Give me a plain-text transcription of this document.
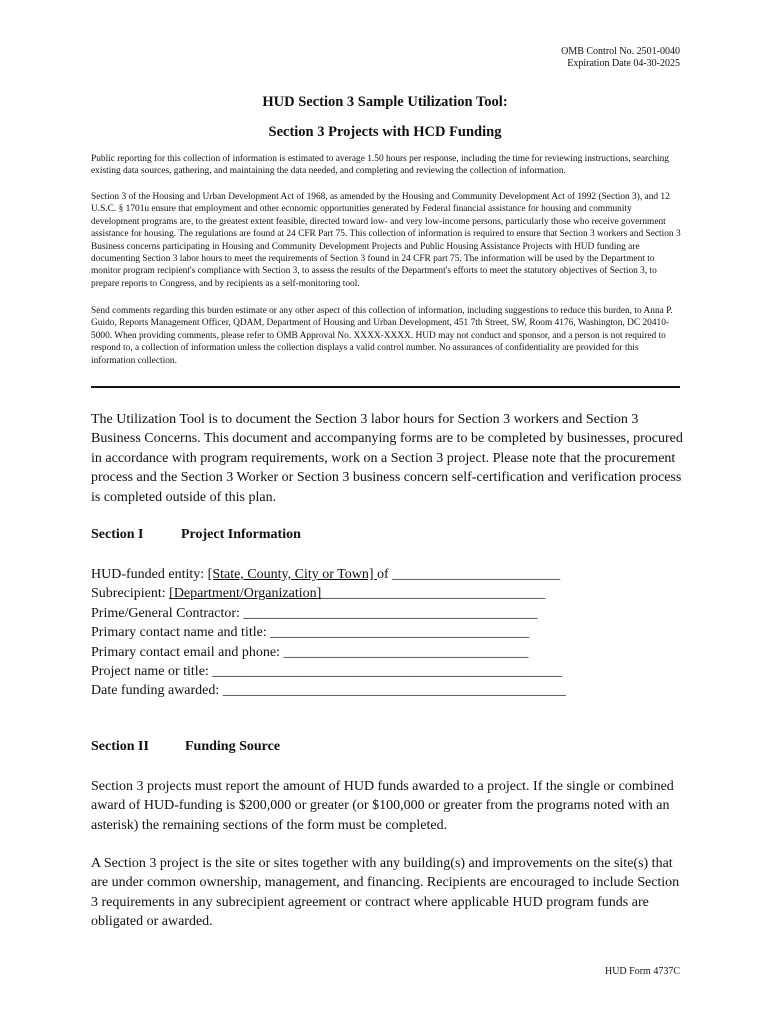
OMB Control No. 2501-0040
Expiration Date 04-30-2025
HUD Section 3 Sample Utilization Tool:
Section 3 Projects with HCD Funding

Public reporting for this collection of information is estimated to average 1.50 hours per response, including the time for reviewing instructions, searching existing data sources, gathering, and maintaining the data needed, and completing and reviewing the collection of information.

Section 3 of the Housing and Urban Development Act of 1968, as amended by the Housing and Community Development Act of 1992 (Section 3), and 12 U.S.C. § 1701u ensure that employment and other economic opportunities generated by Federal financial assistance for housing and community development programs are, to the greatest extent feasible, directed toward low- and very low-income persons, particularly those who receive government assistance for housing. The regulations are found at 24 CFR Part 75. This collection of information is required to ensure that Section 3 workers and Section 3 Business concerns participating in Housing and Community Development Projects and Public Housing Assistance Projects with HUD funding are documenting Section 3 labor hours to meet the requirements of Section 3 found in 24 CFR part 75. The information will be used by the Department to monitor program recipient's compliance with Section 3, to assess the results of the Department's efforts to meet the statutory objectives of Section 3, to prepare reports to Congress, and by recipients as a self-monitoring tool.

Send comments regarding this burden estimate or any other aspect of this collection of information, including suggestions to reduce this burden, to Anna P. Guido, Reports Management Officer, QDAM, Department of Housing and Urban Development, 451 7th Street, SW, Room 4176, Washington, DC 20410-5000. When providing comments, please refer to OMB Approval No. XXXX-XXXX. HUD may not conduct and sponsor, and a person is not required to respond to, a collection of information unless the collection displays a valid control number. No assurances of confidentiality are provided for this information collection.

The Utilization Tool is to document the Section 3 labor hours for Section 3 workers and Section 3 Business Concerns. This document and accompanying forms are to be completed by businesses, procured in accordance with program requirements, work on a Section 3 project. Please note that the procurement process and the Section 3 Worker or Section 3 business concern self-certification and verification process is completed outside of this plan.

Section I	Project Information
HUD-funded entity: [State, County, City or Town] of ________________________
Subrecipient: [Department/Organization]________________________________
Prime/General Contractor: __________________________________________
Primary contact name and title: _____________________________________
Primary contact email and phone: ___________________________________
Project name or title: __________________________________________________
Date funding awarded: _________________________________________________
Section II	Funding Source

Section 3 projects must report the amount of HUD funds awarded to a project. If the single or combined award of HUD-funding is $200,000 or greater (or $100,000 or greater from the programs noted with an asterisk) the remaining sections of the form must be completed.

A Section 3 project is the site or sites together with any building(s) and improvements on the site(s) that are under common ownership, management, and financing. Recipients are encouraged to include Section 3 requirements in any subrecipient agreement or contract where applicable HUD program funds are obligated or awarded.

HUD Form 4737C
